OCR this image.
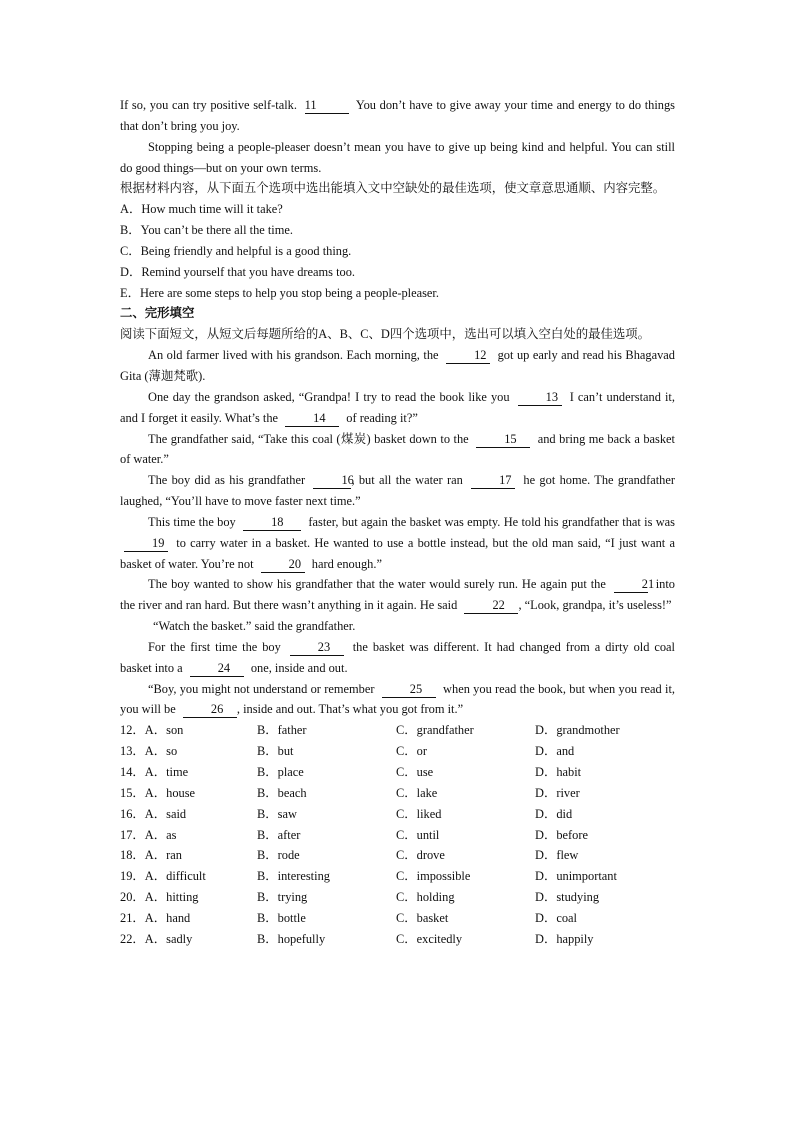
If so, you can try positive self-talk. 11	You don’t have to give away your time and energy to do things that don’t bring you joy.

Stopping being a people-pleaser doesn’t mean you have to give up being kind and helpful. You can still do good things—but on your own terms.

根据材料内容，从下面五个选项中选出能填入文中空缺处的最佳选项，使文章意思通顺、内容完整。

A．How much time will it take?

B．You can’t be there all the time.

C．Being friendly and helpful is a good thing.

D．Remind yourself that you have dreams too.

E．Here are some steps to help you stop being a people-pleaser.

二、完形填空

阅读下面短文，从短文后每题所给的A、B、C、D四个选项中，选出可以填入空白处的最佳选项。

An old farmer lived with his grandson. Each morning, the	12 got up early and read his Bhagavad Gita (薄迦梵歌).

One day the grandson asked, “Grandpa! I try to read the book like you	13 I can’t understand it, and I forget it easily. What’s the	14 of reading it?”

The grandfather said, “Take this coal (煤炭) basket down to the	15 and bring me back a basket of water.”

The boy did as his grandfather	16, but all the water ran	17 he got home. The grandfather laughed, “You’ll have to move faster next time.”

This time the boy	18 faster, but again the basket was empty. He told his grandfather that is was 19 to carry water in a basket. He wanted to use a bottle instead, but the old man said, “I just want a basket of water. You’re not	20 hard enough.”

The boy wanted to show his grandfather that the water would surely run. He again put the	21 into the river and ran hard. But there wasn’t anything in it again. He said	22 , “Look, grandpa, it’s useless!”

“Watch the basket.” said the grandfather.

For the first time the boy	23 the basket was different. It had changed from a dirty old coal basket into a	24 one, inside and out.

“Boy, you might not understand or remember	25 when you read the book, but when you read it, you will be	26 , inside and out. That’s what you got from it.”

12．A．son	B．father	C．grandfather	D．grandmother
13．A．so	B．but	C．or	D．and
14．A．time	B．place	C．use	D．habit
15．A．house	B．beach	C．lake	D．river
16．A．said	B．saw	C．liked	D．did
17．A．as	B．after	C．until	D．before
18．A．ran	B．rode	C．drove	D．flew
19．A．difficult	B．interesting	C．impossible	D．unimportant
20．A．hitting	B．trying	C．holding	D．studying
21．A．hand	B．bottle	C．basket	D．coal
22．A．sadly	B．hopefully	C．excitedly	D．happily
